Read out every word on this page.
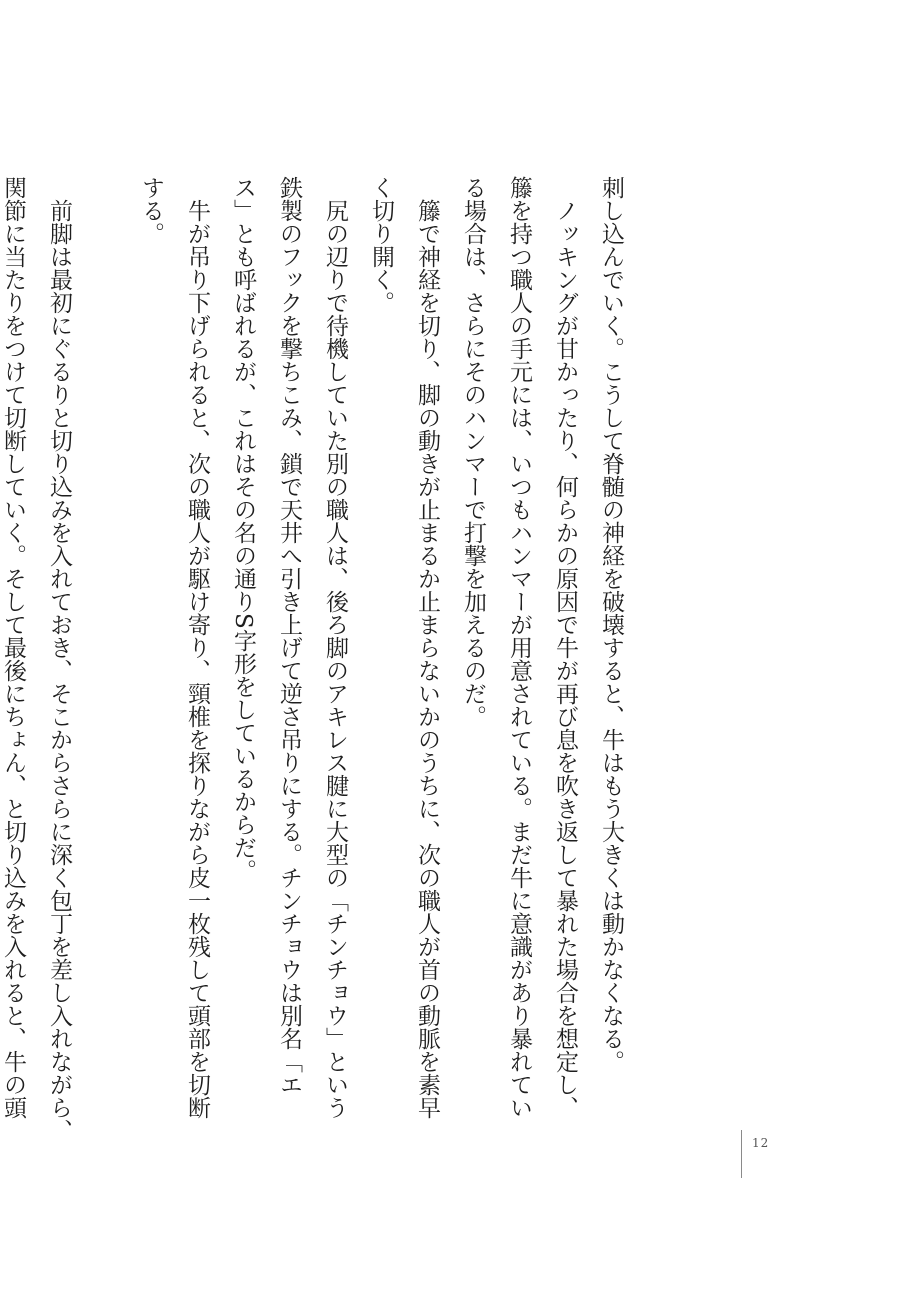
刺し込んでいく。こうして脊髄の神経を破壊すると、牛はもう大きくは動かなくなる。
　ノッキングが甘かったり、何らかの原因で牛が再び息を吹き返して暴れた場合を想定し、
籐を持つ職人の手元には、いつもハンマーが用意されている。まだ牛に意識があり暴れてい
る場合は、さらにそのハンマーで打撃を加えるのだ。
　籐で神経を切り、脚の動きが止まるか止まらないかのうちに、次の職人が首の動脈を素早
く切り開く。
　尻の辺りで待機していた別の職人は、後ろ脚のアキレス腱に大型の「チンチョウ」という
鉄製のフックを撃ちこみ、鎖で天井へ引き上げて逆さ吊りにする。チンチョウは別名「エ
ス」とも呼ばれるが、これはその名の通りS字形をしているからだ。
　牛が吊り下げられると、次の職人が駆け寄り、頸椎を探りながら皮一枚残して頭部を切断
する。

　前脚は最初にぐるりと切り込みを入れておき、そこからさらに深く包丁を差し入れながら、
関節に当たりをつけて切断していく。そして最後にちょん、と切り込みを入れると、牛の頭
12
